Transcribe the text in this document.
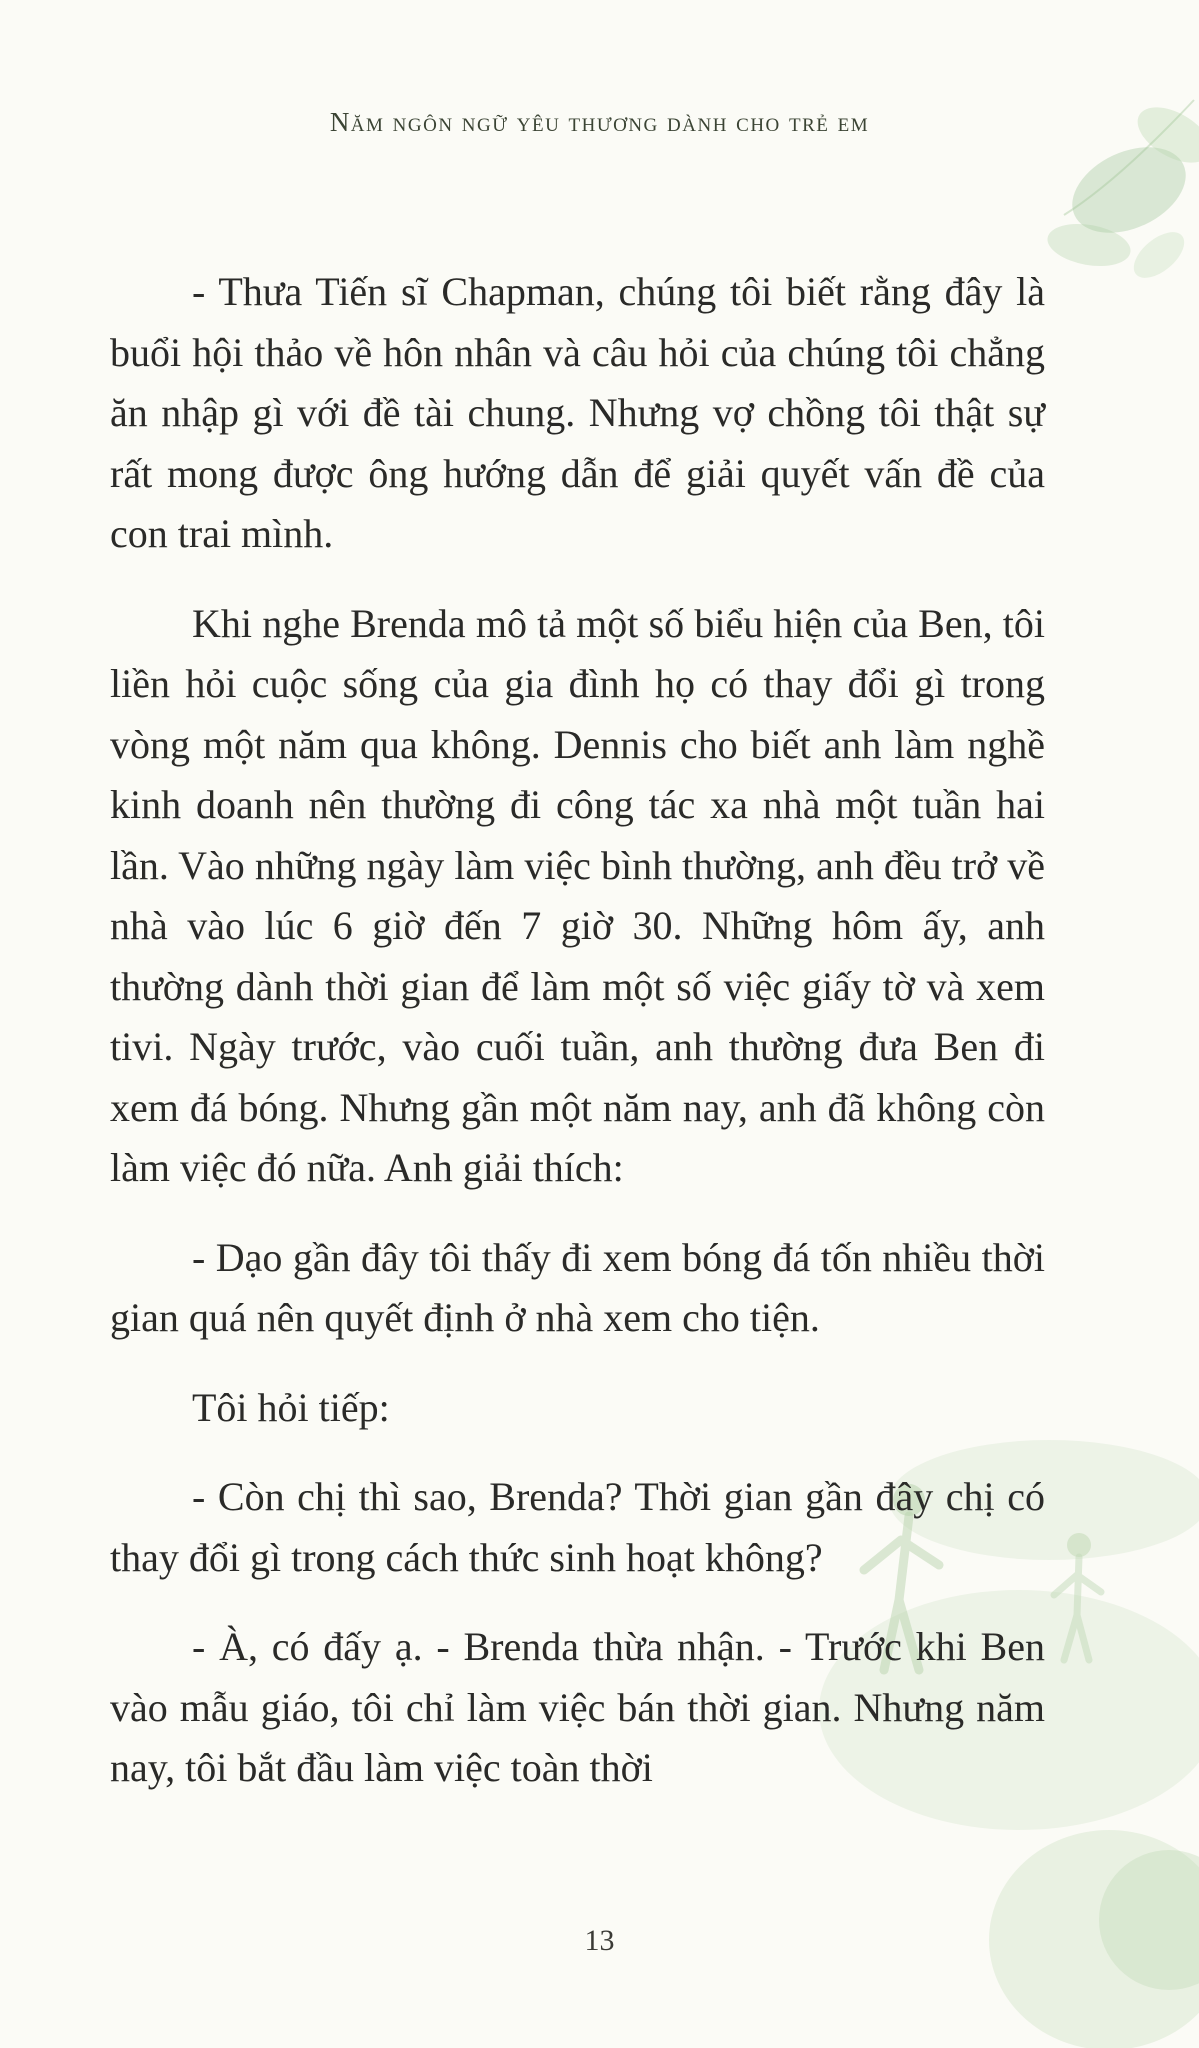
Năm ngôn ngữ yêu thương dành cho trẻ em

- Thưa Tiến sĩ Chapman, chúng tôi biết rằng đây là buổi hội thảo về hôn nhân và câu hỏi của chúng tôi chẳng ăn nhập gì với đề tài chung. Nhưng vợ chồng tôi thật sự rất mong được ông hướng dẫn để giải quyết vấn đề của con trai mình.

Khi nghe Brenda mô tả một số biểu hiện của Ben, tôi liền hỏi cuộc sống của gia đình họ có thay đổi gì trong vòng một năm qua không. Dennis cho biết anh làm nghề kinh doanh nên thường đi công tác xa nhà một tuần hai lần. Vào những ngày làm việc bình thường, anh đều trở về nhà vào lúc 6 giờ đến 7 giờ 30. Những hôm ấy, anh thường dành thời gian để làm một số việc giấy tờ và xem tivi. Ngày trước, vào cuối tuần, anh thường đưa Ben đi xem đá bóng. Nhưng gần một năm nay, anh đã không còn làm việc đó nữa. Anh giải thích:

- Dạo gần đây tôi thấy đi xem bóng đá tốn nhiều thời gian quá nên quyết định ở nhà xem cho tiện.

Tôi hỏi tiếp:

- Còn chị thì sao, Brenda? Thời gian gần đây chị có thay đổi gì trong cách thức sinh hoạt không?

- À, có đấy ạ. - Brenda thừa nhận. - Trước khi Ben vào mẫu giáo, tôi chỉ làm việc bán thời gian. Nhưng năm nay, tôi bắt đầu làm việc toàn thời

13
